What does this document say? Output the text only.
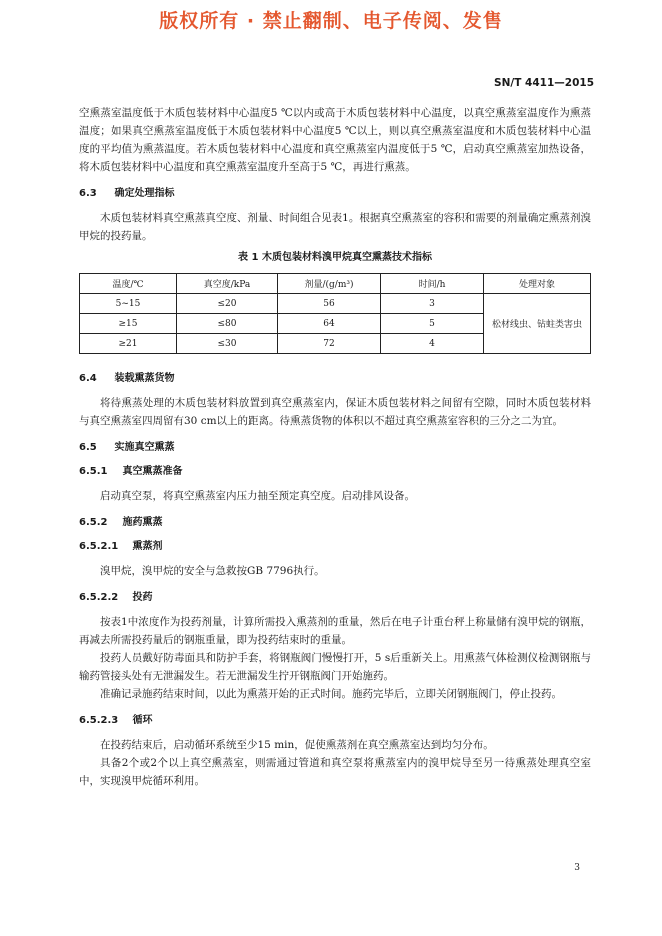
版权所有 · 禁止翻制、电子传阅、发售
SN/T 4411—2015

空熏蒸室温度低于木质包装材料中心温度5 ℃以内或高于木质包装材料中心温度，以真空熏蒸室温度作为熏蒸温度；如果真空熏蒸室温度低于木质包装材料中心温度5 ℃以上，则以真空熏蒸室温度和木质包装材料中心温度的平均值为熏蒸温度。若木质包装材料中心温度和真空熏蒸室内温度低于5 ℃，启动真空熏蒸室加热设备，将木质包装材料中心温度和真空熏蒸室温度升至高于5 ℃，再进行熏蒸。

6.3 确定处理指标

木质包装材料真空熏蒸真空度、剂量、时间组合见表1。根据真空熏蒸室的容积和需要的剂量确定熏蒸剂溴甲烷的投药量。

表 1 木质包装材料溴甲烷真空熏蒸技术指标
温度/℃	真空度/kPa	剂量/(g/m³)	时间/h	处理对象
5~15	≤20	56	3	松材线虫、钻蛀类害虫
≥15	≤80	64	5	
≥21	≤30	72	4	
6.4 装载熏蒸货物

将待熏蒸处理的木质包装材料放置到真空熏蒸室内，保证木质包装材料之间留有空隙，同时木质包装材料与真空熏蒸室四周留有30 cm以上的距离。待熏蒸货物的体积以不超过真空熏蒸室容积的三分之二为宜。

6.5 实施真空熏蒸
6.5.1 真空熏蒸准备

启动真空泵，将真空熏蒸室内压力抽至预定真空度。启动排风设备。

6.5.2 施药熏蒸
6.5.2.1 熏蒸剂

溴甲烷，溴甲烷的安全与急救按GB 7796执行。

6.5.2.2 投药

按表1中浓度作为投药剂量，计算所需投入熏蒸剂的重量，然后在电子计重台秤上称量储有溴甲烷的钢瓶，再减去所需投药量后的钢瓶重量，即为投药结束时的重量。

投药人员戴好防毒面具和防护手套，将钢瓶阀门慢慢打开，5 s后重新关上。用熏蒸气体检测仪检测钢瓶与输药管接头处有无泄漏发生。若无泄漏发生拧开钢瓶阀门开始施药。

准确记录施药结束时间，以此为熏蒸开始的正式时间。施药完毕后，立即关闭钢瓶阀门，停止投药。

6.5.2.3 循环

在投药结束后，启动循环系统至少15 min，促使熏蒸剂在真空熏蒸室达到均匀分布。

具备2个或2个以上真空熏蒸室，则需通过管道和真空泵将熏蒸室内的溴甲烷导至另一待熏蒸处理真空室中，实现溴甲烷循环利用。

3
